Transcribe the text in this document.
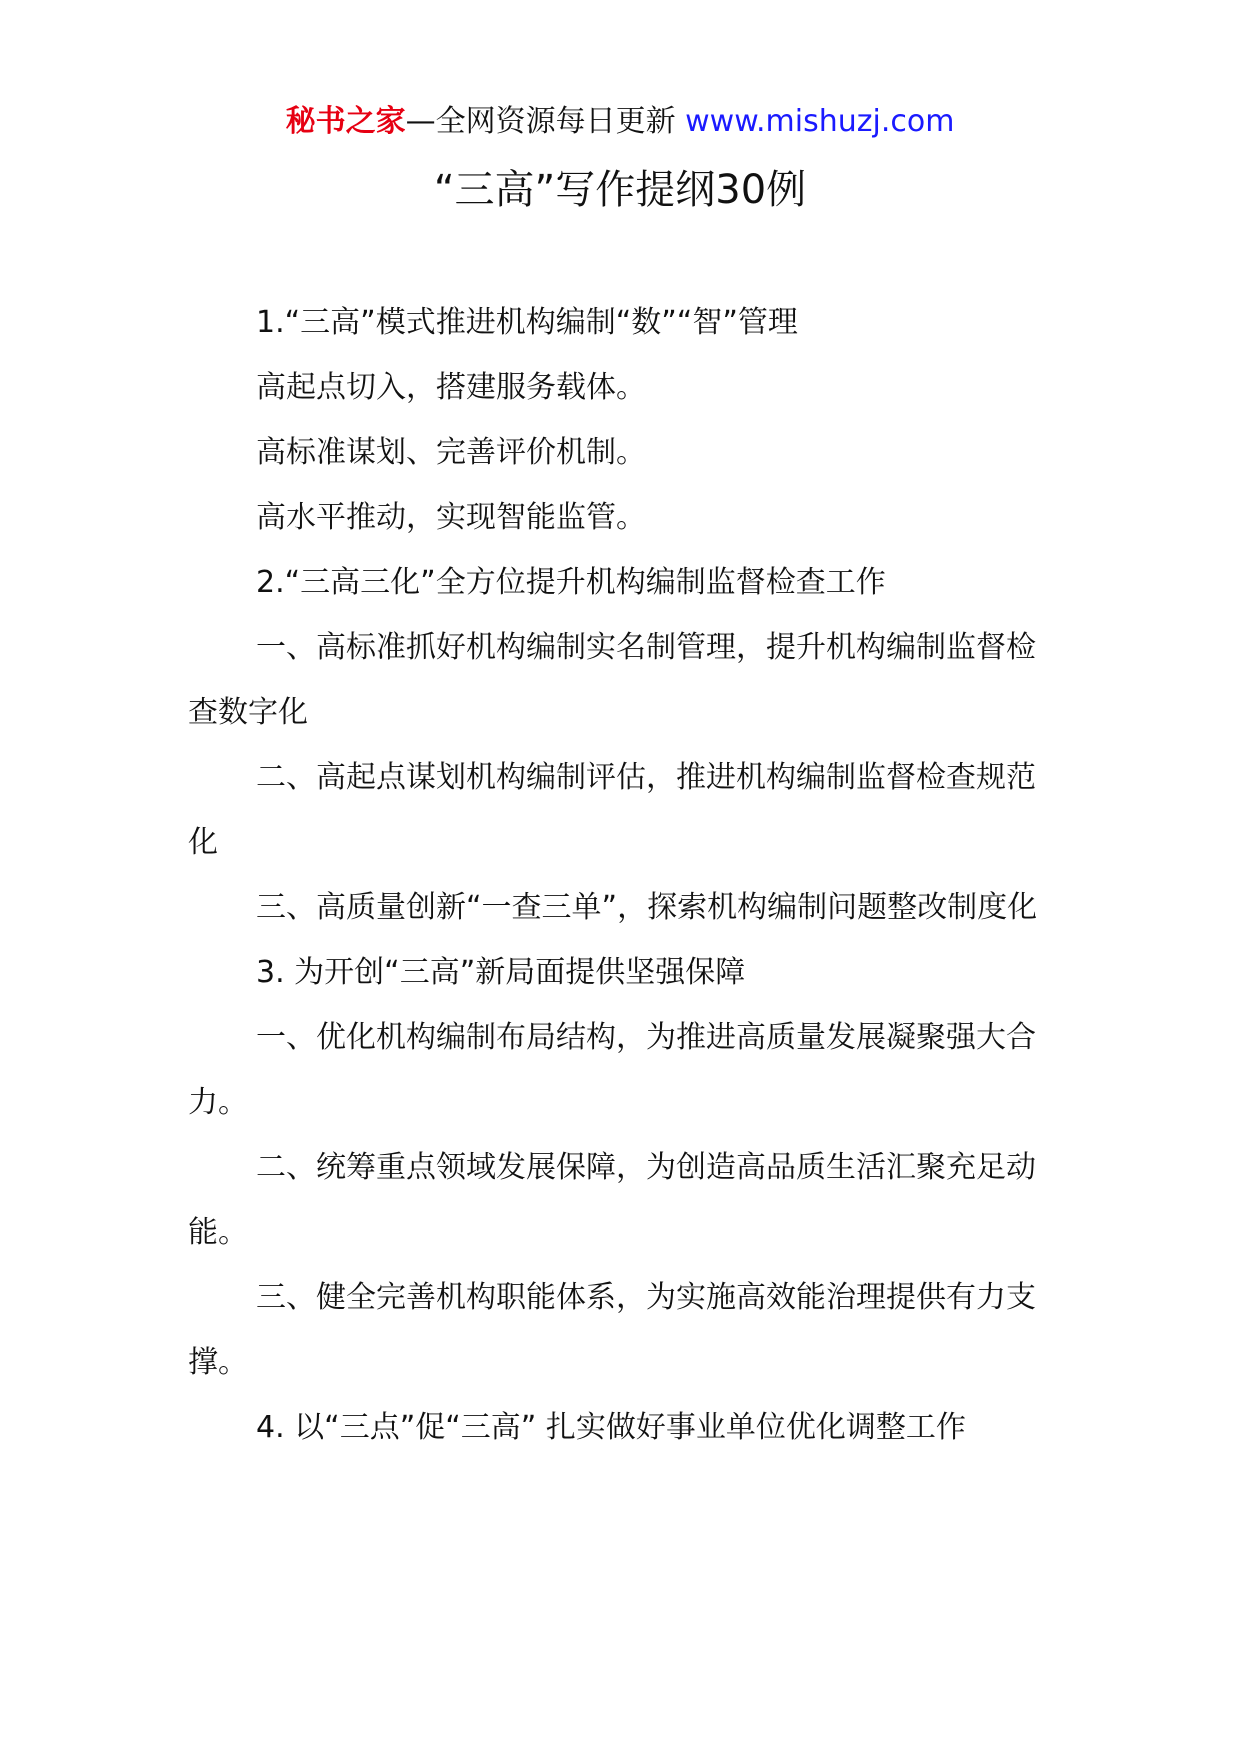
秘书之家—全网资源每日更新 www.mishuzj.com
“三高”写作提纲30例

1.“三高”模式推进机构编制“数”“智”管理

高起点切入，搭建服务载体。

高标准谋划、完善评价机制。

高水平推动，实现智能监管。

2.“三高三化”全方位提升机构编制监督检查工作

一、高标准抓好机构编制实名制管理，提升机构编制监督检查数字化

二、高起点谋划机构编制评估，推进机构编制监督检查规范化

三、高质量创新“一查三单”，探索机构编制问题整改制度化

3. 为开创“三高”新局面提供坚强保障

一、优化机构编制布局结构，为推进高质量发展凝聚强大合力。

二、统筹重点领域发展保障，为创造高品质生活汇聚充足动能。

三、健全完善机构职能体系，为实施高效能治理提供有力支撑。

4. 以“三点”促“三高” 扎实做好事业单位优化调整工作
